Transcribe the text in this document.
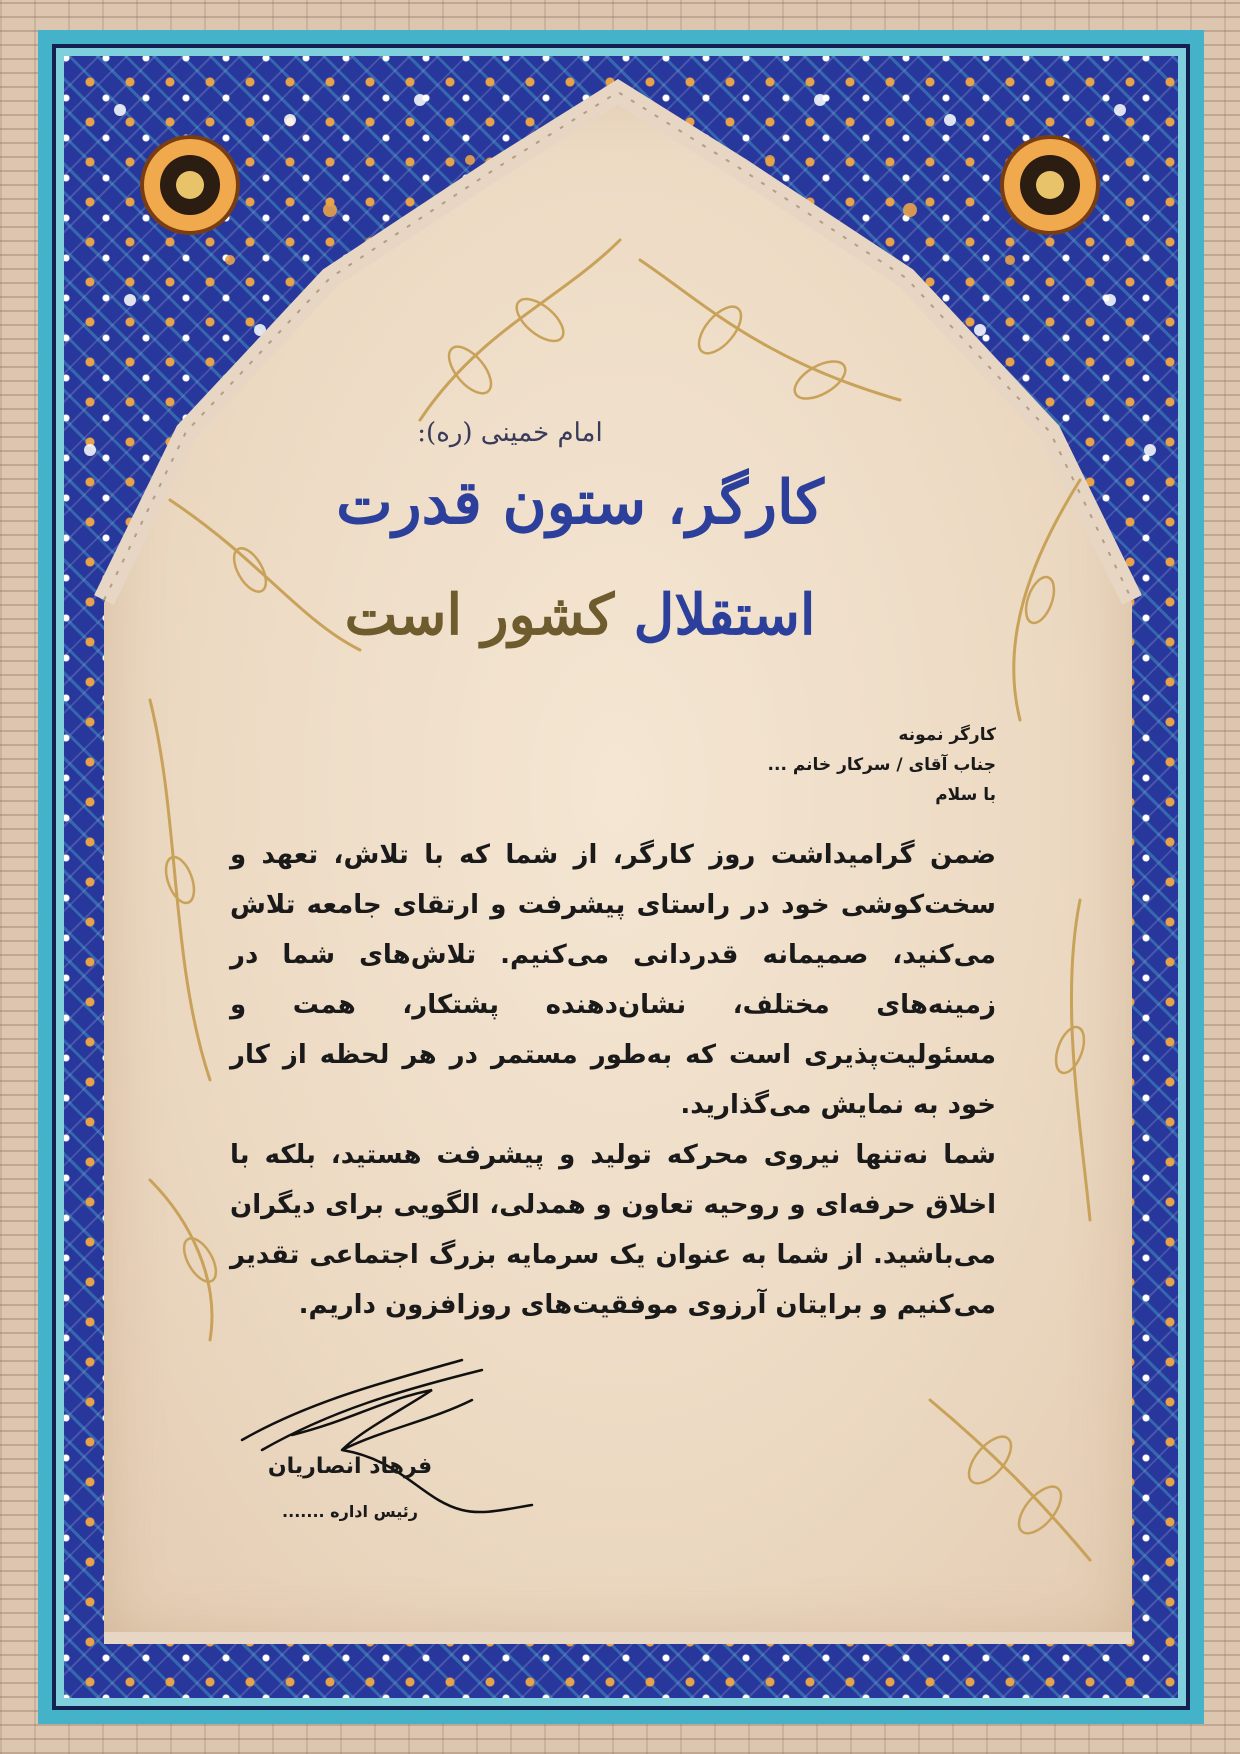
امام خمینی (ره):
کارگر، ستون قدرت
استقلال کشور است
کارگر نمونه
جناب آقای / سرکار خانم ...
با سلام

ضمن گرامیداشت روز کارگر، از شما که با تلاش، تعهد و سخت‌کوشی خود در راستای پیشرفت و ارتقای جامعه تلاش می‌کنید، صمیمانه قدردانی می‌کنیم. تلاش‌های شما در زمینه‌های مختلف، نشان‌دهنده پشتکار، همت و مسئولیت‌پذیری است که به‌طور مستمر در هر لحظه از کار خود به نمایش می‌گذارید.

شما نه‌تنها نیروی محرکه تولید و پیشرفت هستید، بلکه با اخلاق حرفه‌ای و روحیه تعاون و همدلی، الگویی برای دیگران می‌باشید. از شما به عنوان یک سرمایه بزرگ اجتماعی تقدیر می‌کنیم و برایتان آرزوی موفقیت‌های روزافزون داریم.

فرهاد انصاریان
رئیس اداره .......
